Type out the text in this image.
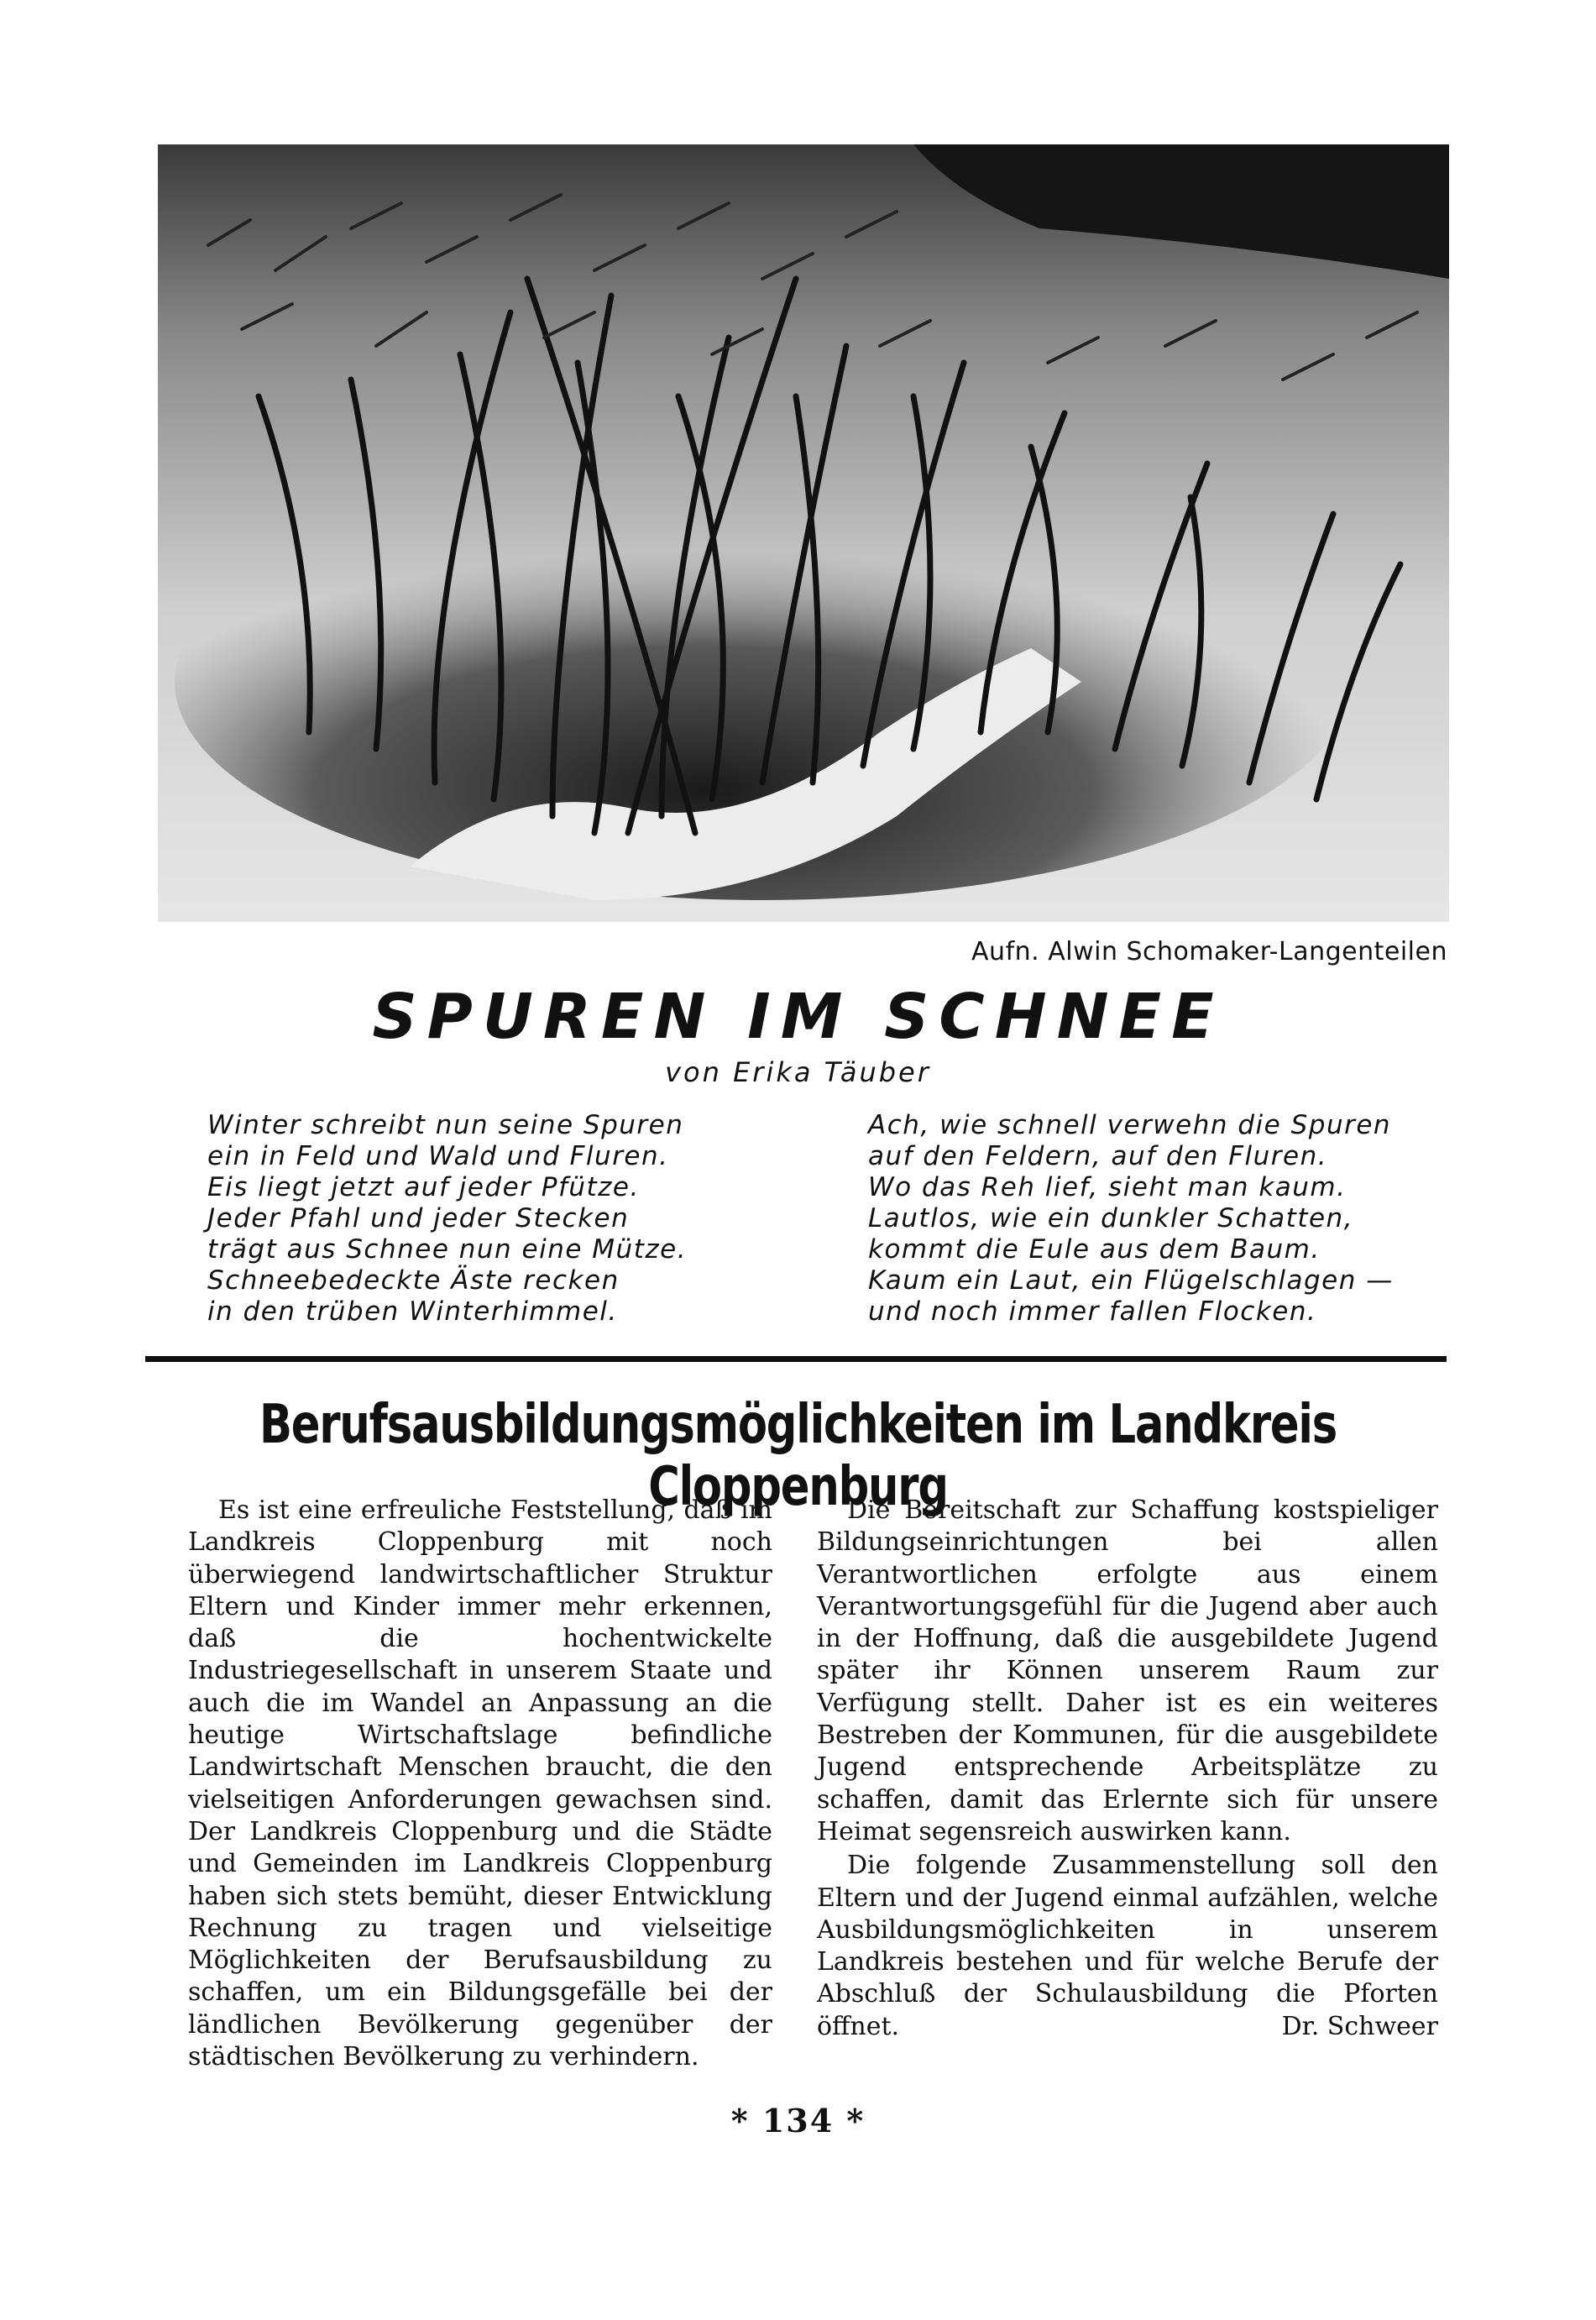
Aufn. Alwin Schomaker-Langenteilen
SPUREN IM SCHNEE
von Erika Täuber
Winter schreibt nun seine Spuren
ein in Feld und Wald und Fluren.
Eis liegt jetzt auf jeder Pfütze.
Jeder Pfahl und jeder Stecken
trägt aus Schnee nun eine Mütze.
Schneebedeckte Äste recken
in den trüben Winterhimmel.
Ach, wie schnell verwehn die Spuren
auf den Feldern, auf den Fluren.
Wo das Reh lief, sieht man kaum.
Lautlos, wie ein dunkler Schatten,
kommt die Eule aus dem Baum.
Kaum ein Laut, ein Flügelschlagen —
und noch immer fallen Flocken.
Berufsausbildungsmöglichkeiten im Landkreis Cloppenburg

Es ist eine erfreuliche Feststellung, daß im Landkreis Cloppenburg mit noch überwiegend landwirtschaftlicher Struktur Eltern und Kinder immer mehr erkennen, daß die hochentwickelte Industriegesellschaft in unserem Staate und auch die im Wandel an Anpassung an die heutige Wirtschaftslage befindliche Landwirtschaft Menschen braucht, die den vielseitigen Anforderungen gewachsen sind. Der Landkreis Cloppenburg und die Städte und Gemeinden im Landkreis Cloppenburg haben sich stets bemüht, dieser Entwicklung Rechnung zu tragen und vielseitige Möglichkeiten der Berufsausbildung zu schaffen, um ein Bildungsgefälle bei der ländlichen Bevölkerung gegenüber der städtischen Bevölkerung zu verhindern.

Die Bereitschaft zur Schaffung kostspieliger Bildungseinrichtungen bei allen Verantwortlichen erfolgte aus einem Verantwortungsgefühl für die Jugend aber auch in der Hoffnung, daß die ausgebildete Jugend später ihr Können unserem Raum zur Verfügung stellt. Daher ist es ein weiteres Bestreben der Kommunen, für die ausgebildete Jugend entsprechende Arbeitsplätze zu schaffen, damit das Erlernte sich für unsere Heimat segensreich auswirken kann.

Die folgende Zusammenstellung soll den Eltern und der Jugend einmal aufzählen, welche Ausbildungsmöglichkeiten in unserem Landkreis bestehen und für welche Berufe der Abschluß der Schulausbildung die Pforten öffnet.	Dr. Schweer
* 134 *
